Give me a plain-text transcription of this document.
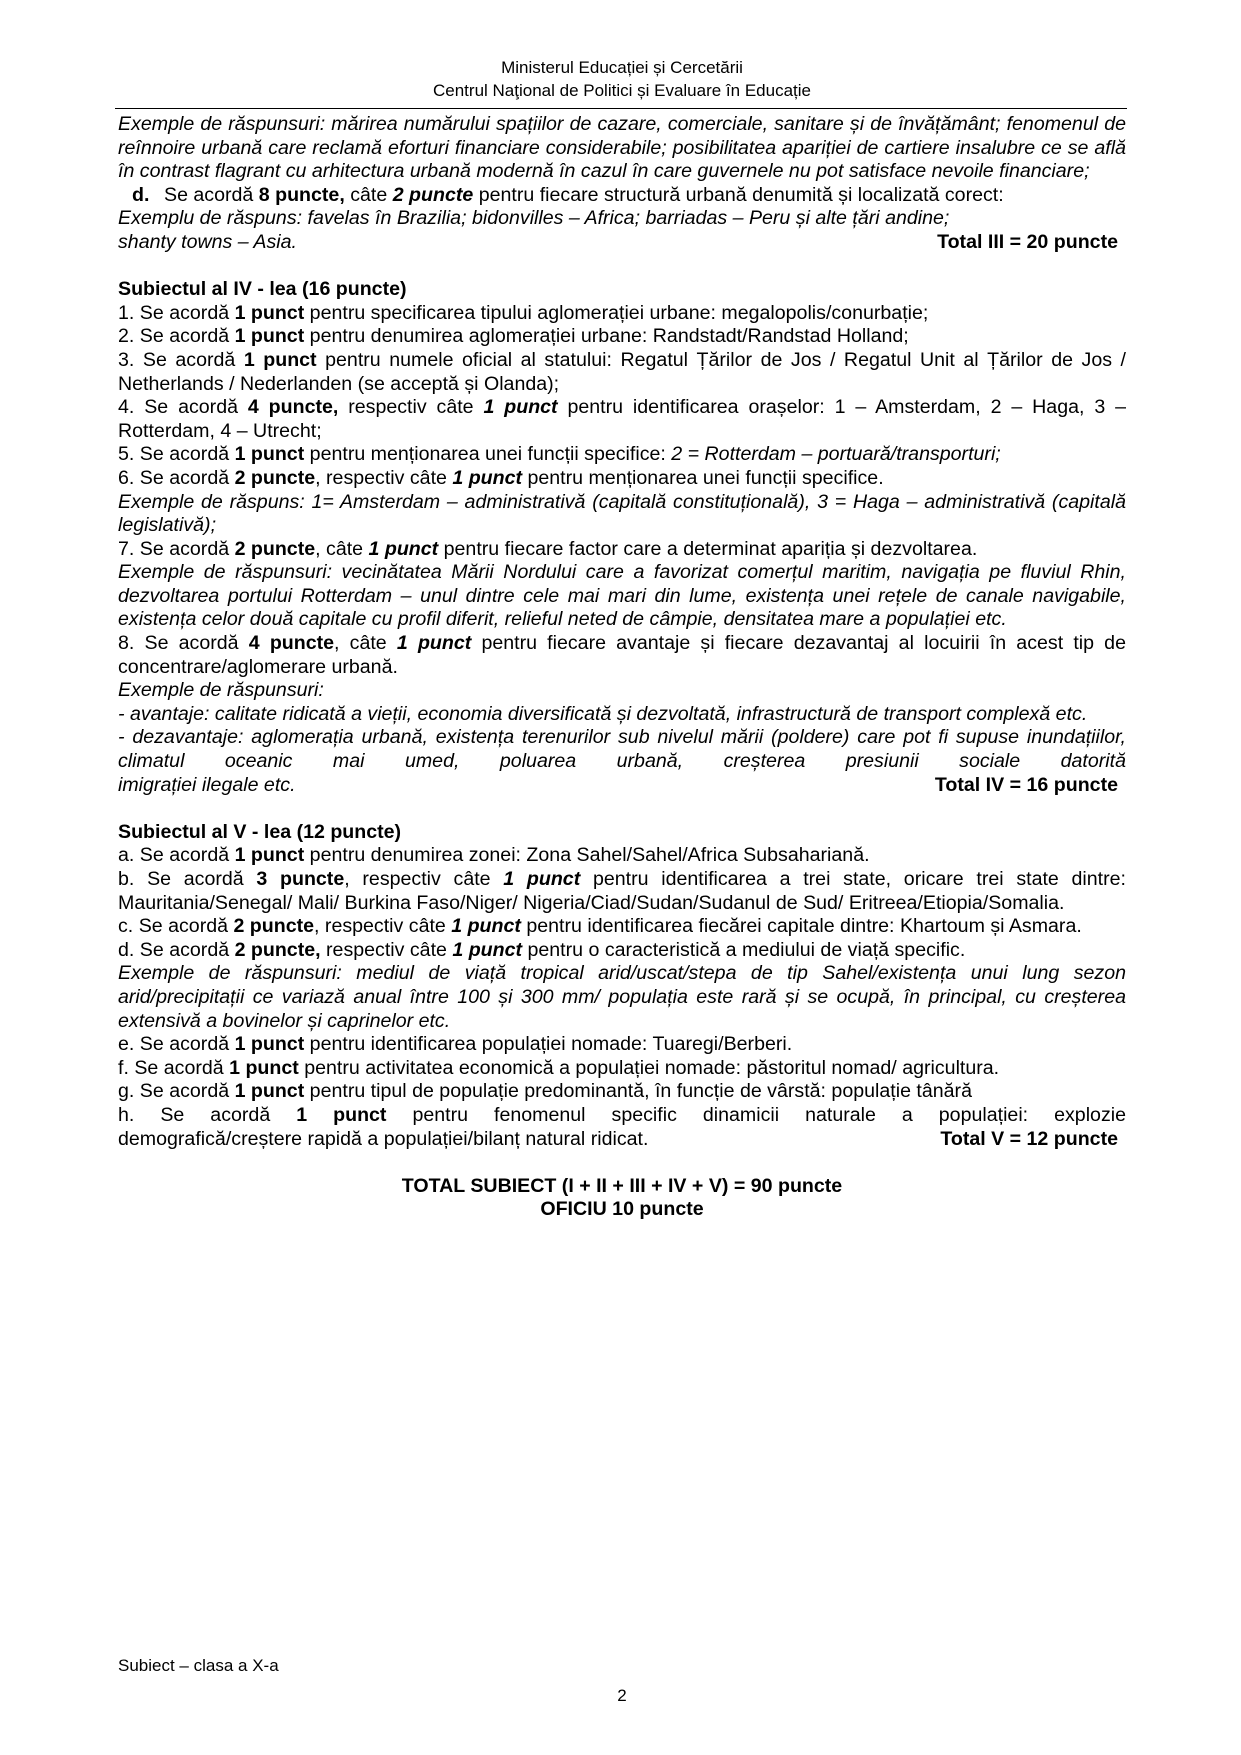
Ministerul Educației și Cercetării
Centrul Naţional de Politici și Evaluare în Educație

Exemple de răspunsuri: mărirea numărului spațiilor de cazare, comerciale, sanitare și de învățământ; fenomenul de reînnoire urbană care reclamă eforturi financiare considerabile; posibilitatea apariției de cartiere insalubre ce se află în contrast flagrant cu arhitectura urbană modernă în cazul în care guvernele nu pot satisface nevoile financiare;

d. Se acordă 8 puncte, câte 2 puncte pentru fiecare structură urbană denumită și localizată corect:

Exemplu de răspuns: favelas în Brazilia; bidonvilles – Africa; barriadas – Peru și alte țări andine;

shanty towns – Asia.	Total III = 20 puncte

Subiectul al IV - lea (16 puncte)

1. Se acordă 1 punct pentru specificarea tipului aglomerației urbane: megalopolis/conurbație;

2. Se acordă 1 punct pentru denumirea aglomerației urbane: Randstadt/Randstad Holland;

3. Se acordă 1 punct pentru numele oficial al statului: Regatul Țărilor de Jos / Regatul Unit al Țărilor de Jos / Netherlands / Nederlanden (se acceptă și Olanda);

4. Se acordă 4 puncte, respectiv câte 1 punct pentru identificarea orașelor: 1 – Amsterdam, 2 – Haga, 3 – Rotterdam, 4 – Utrecht;

5. Se acordă 1 punct pentru menționarea unei funcții specifice: 2 = Rotterdam – portuară/transporturi;

6. Se acordă 2 puncte, respectiv câte 1 punct pentru menționarea unei funcții specifice.

Exemple de răspuns: 1= Amsterdam – administrativă (capitală constituțională), 3 = Haga – administrativă (capitală legislativă);

7. Se acordă 2 puncte, câte 1 punct pentru fiecare factor care a determinat apariția și dezvoltarea.

Exemple de răspunsuri: vecinătatea Mării Nordului care a favorizat comerțul maritim, navigația pe fluviul Rhin, dezvoltarea portului Rotterdam – unul dintre cele mai mari din lume, existența unei rețele de canale navigabile, existența celor două capitale cu profil diferit, relieful neted de câmpie, densitatea mare a populației etc.

8. Se acordă 4 puncte, câte 1 punct pentru fiecare avantaje și fiecare dezavantaj al locuirii în acest tip de concentrare/aglomerare urbană.

Exemple de răspunsuri:

- avantaje: calitate ridicată a vieții, economia diversificată și dezvoltată, infrastructură de transport complexă etc.

- dezavantaje: aglomerația urbană, existența terenurilor sub nivelul mării (poldere) care pot fi supuse inundațiilor, climatul oceanic mai umed, poluarea urbană, creșterea presiunii sociale datorită

imigrației ilegale etc.	Total IV = 16 puncte

Subiectul al V - lea (12 puncte)

a. Se acordă 1 punct pentru denumirea zonei: Zona Sahel/Sahel/Africa Subsahariană.

b. Se acordă 3 puncte, respectiv câte 1 punct pentru identificarea a trei state, oricare trei state dintre: Mauritania/Senegal/ Mali/ Burkina Faso/Niger/ Nigeria/Ciad/Sudan/Sudanul de Sud/ Eritreea/Etiopia/Somalia.

c. Se acordă 2 puncte, respectiv câte 1 punct pentru identificarea fiecărei capitale dintre: Khartoum și Asmara.

d. Se acordă 2 puncte, respectiv câte 1 punct pentru o caracteristică a mediului de viață specific.

Exemple de răspunsuri: mediul de viață tropical arid/uscat/stepa de tip Sahel/existența unui lung sezon arid/precipitații ce variază anual între 100 și 300 mm/ populația este rară și se ocupă, în principal, cu creșterea extensivă a bovinelor și caprinelor etc.

e. Se acordă 1 punct pentru identificarea populației nomade: Tuaregi/Berberi.

f. Se acordă 1 punct pentru activitatea economică a populației nomade: păstoritul nomad/ agricultura.

g. Se acordă 1 punct pentru tipul de populație predominantă, în funcție de vârstă: populație tânără

h. Se acordă 1 punct pentru fenomenul specific dinamicii naturale a populației: explozie

demografică/creștere rapidă a populației/bilanț natural ridicat.	Total V = 12 puncte

TOTAL SUBIECT (I + II + III + IV + V) = 90 puncte

OFICIU 10 puncte

Subiect – clasa a X-a
2
